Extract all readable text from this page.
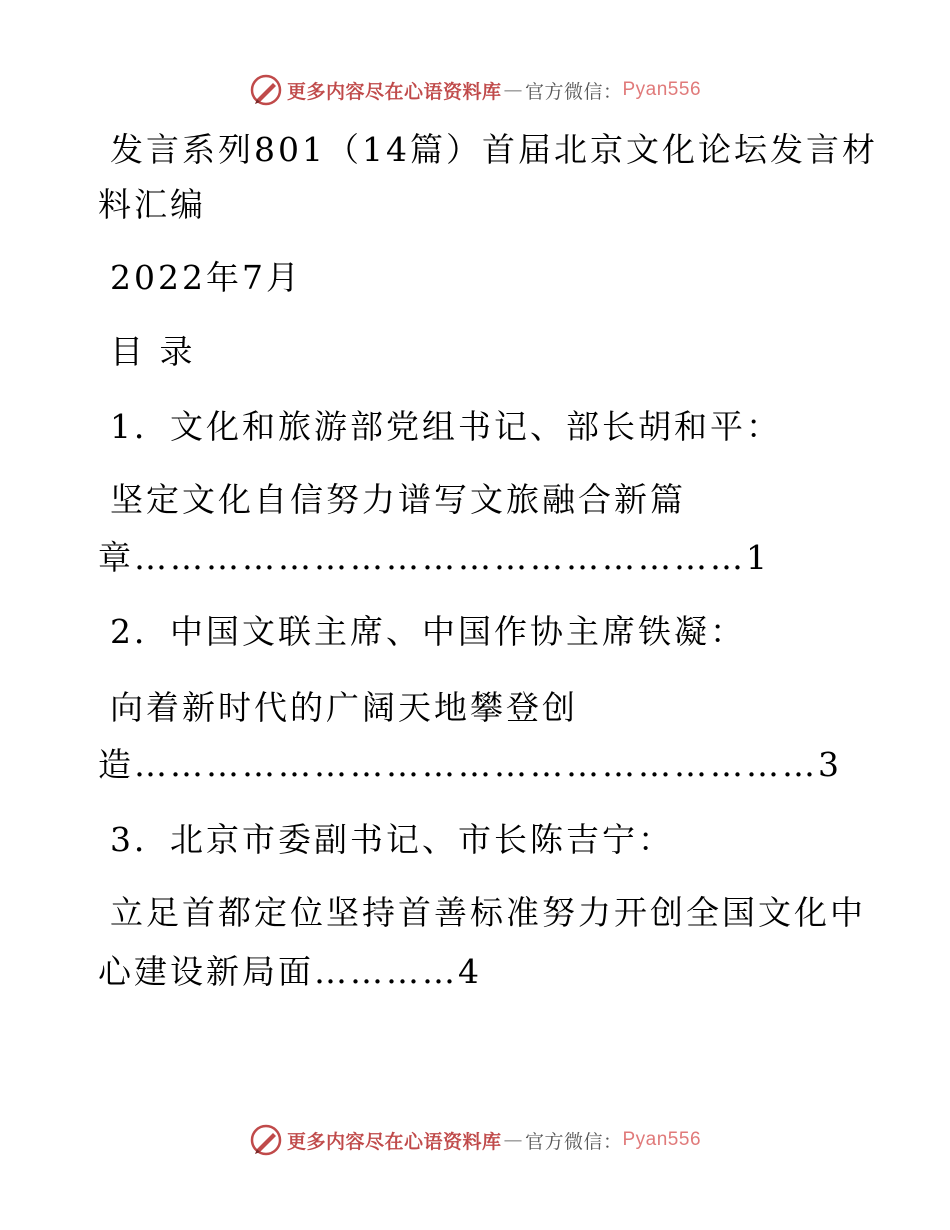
更多内容尽在心语资料库 — 官方微信： Pyan556
发言系列801（14篇）首届北京文化论坛发言材
料汇编
2022年7月
目 录
1．文化和旅游部党组书记、部长胡和平：
坚定文化自信努力谱写文旅融合新篇
章……………………………………………1
2．中国文联主席、中国作协主席铁凝：
向着新时代的广阔天地攀登创
造…………………………………………………3
3．北京市委副书记、市长陈吉宁：
立足首都定位坚持首善标准努力开创全国文化中
心建设新局面…………4
更多内容尽在心语资料库 — 官方微信： Pyan556
